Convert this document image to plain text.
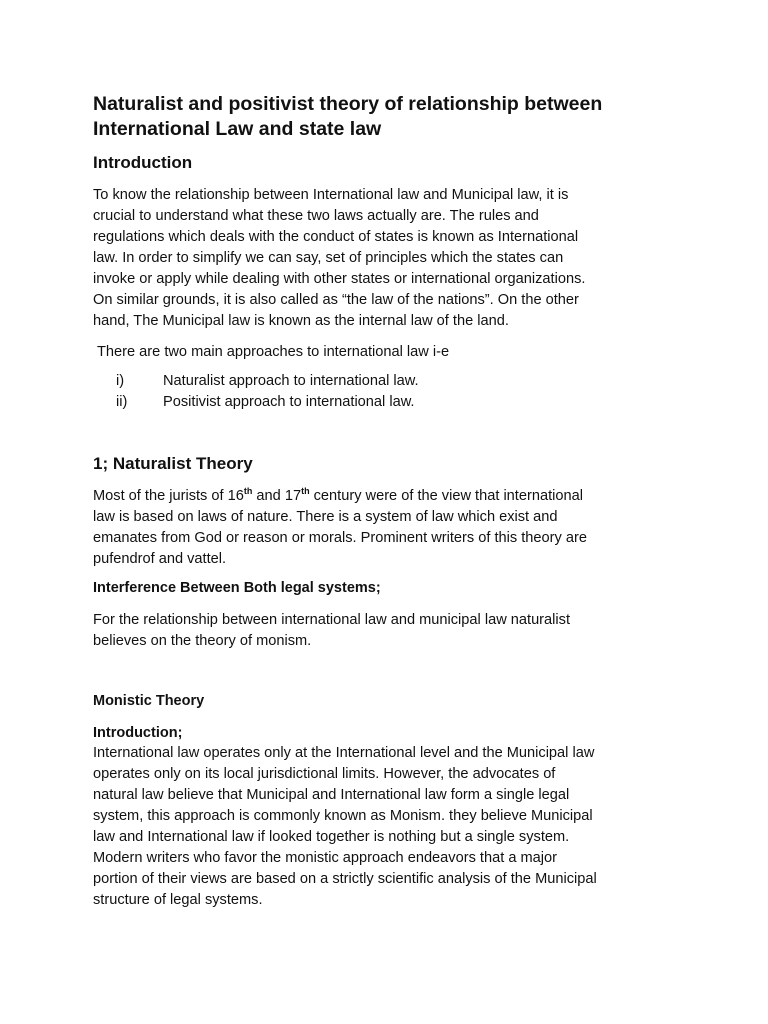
Naturalist and positivist theory of relationship between
International Law and state law
Introduction
To know the relationship between International law and Municipal law, it is
crucial to understand what these two laws actually are. The rules and
regulations which deals with the conduct of states is known as International
law. In order to simplify we can say, set of principles which the states can
invoke or apply while dealing with other states or international organizations.
On similar grounds, it is also called as “the law of the nations”. On the other
hand, The Municipal law is known as the internal law of the land.

There are two main approaches to international law i-e

i)	Naturalist approach to international law.
ii) Positivist approach to international law.
1; Naturalist Theory
Most of the jurists of 16th and 17th century were of the view that international
law is based on laws of nature. There is a system of law which exist and
emanates from God or reason or morals. Prominent writers of this theory are
pufendrof and vattel.
Interference Between Both legal systems;
For the relationship between international law and municipal law naturalist
believes on the theory of monism.
Monistic Theory
Introduction;
International law operates only at the International level and the Municipal law
operates only on its local jurisdictional limits. However, the advocates of
natural law believe that Municipal and International law form a single legal
system, this approach is commonly known as Monism. they believe Municipal
law and International law if looked together is nothing but a single system.
Modern writers who favor the monistic approach endeavors that a major
portion of their views are based on a strictly scientific analysis of the Municipal
structure of legal systems.
